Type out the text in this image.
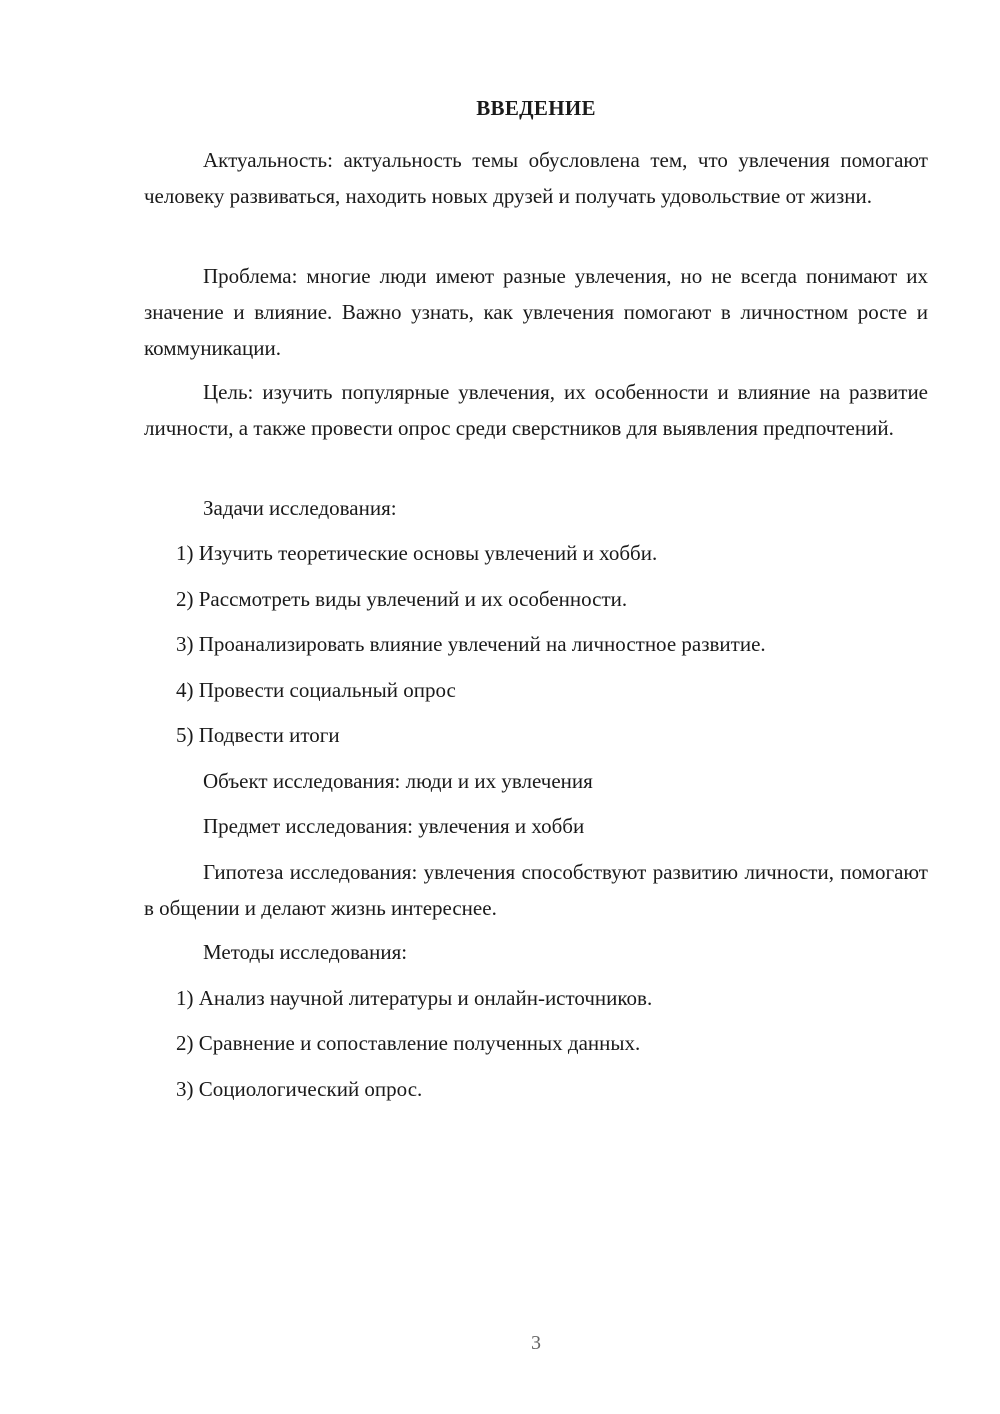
ВВЕДЕНИЕ
Актуальность: актуальность темы обусловлена тем, что увлечения помогают человеку развиваться, находить новых друзей и получать удовольствие от жизни.
Проблема: многие люди имеют разные увлечения, но не всегда понимают их значение и влияние. Важно узнать, как увлечения помогают в личностном росте и коммуникации.
Цель: изучить популярные увлечения, их особенности и влияние на развитие личности, а также провести опрос среди сверстников для выявления предпочтений.
Задачи исследования:
1) Изучить теоретические основы увлечений и хобби.
2) Рассмотреть виды увлечений и их особенности.
3) Проанализировать влияние увлечений на личностное развитие.
4) Провести социальный опрос
5) Подвести итоги
Объект исследования: люди и их увлечения
Предмет исследования: увлечения и хобби
Гипотеза исследования: увлечения способствуют развитию личности, помогают в общении и делают жизнь интереснее.
Методы исследования:
1) Анализ научной литературы и онлайн-источников.
2) Сравнение и сопоставление полученных данных.
3) Социологический опрос.
3
